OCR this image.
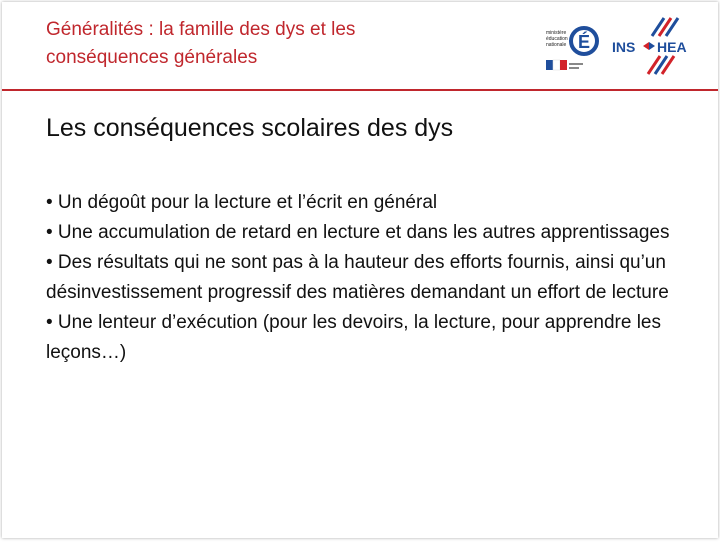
Généralités : la famille des dys et les
conséquences générales
ministère
éducation
nationale É INS HEA
Les conséquences scolaires des dys
• Un dégoût pour la lecture et l’écrit en général
• Une accumulation de retard en lecture et dans les autres apprentissages
• Des résultats qui ne sont pas à la hauteur des efforts fournis, ainsi qu’un désinvestissement progressif des matières demandant un effort de lecture
• Une lenteur d’exécution (pour les devoirs, la lecture, pour apprendre les leçons…)
